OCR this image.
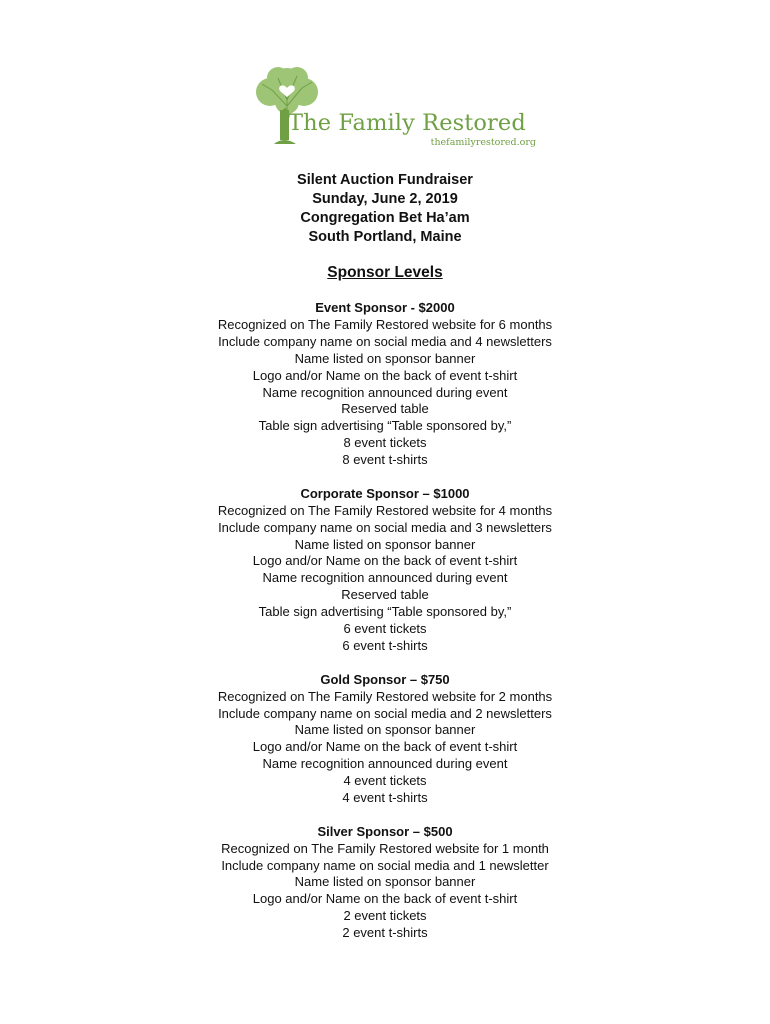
The Family Restored
thefamilyrestored.org
Silent Auction Fundraiser
Sunday, June 2, 2019
Congregation Bet Ha’am
South Portland, Maine
Sponsor Levels
Event Sponsor - $2000
Recognized on The Family Restored website for 6 months
Include company name on social media and 4 newsletters
Name listed on sponsor banner
Logo and/or Name on the back of event t-shirt
Name recognition announced during event
Reserved table
Table sign advertising “Table sponsored by,”
8 event tickets
8 event t-shirts
Corporate Sponsor – $1000
Recognized on The Family Restored website for 4 months
Include company name on social media and 3 newsletters
Name listed on sponsor banner
Logo and/or Name on the back of event t-shirt
Name recognition announced during event
Reserved table
Table sign advertising “Table sponsored by,”
6 event tickets
6 event t-shirts
Gold Sponsor – $750
Recognized on The Family Restored website for 2 months
Include company name on social media and 2 newsletters
Name listed on sponsor banner
Logo and/or Name on the back of event t-shirt
Name recognition announced during event
4 event tickets
4 event t-shirts
Silver Sponsor – $500
Recognized on The Family Restored website for 1 month
Include company name on social media and 1 newsletter
Name listed on sponsor banner
Logo and/or Name on the back of event t-shirt
2 event tickets
2 event t-shirts
